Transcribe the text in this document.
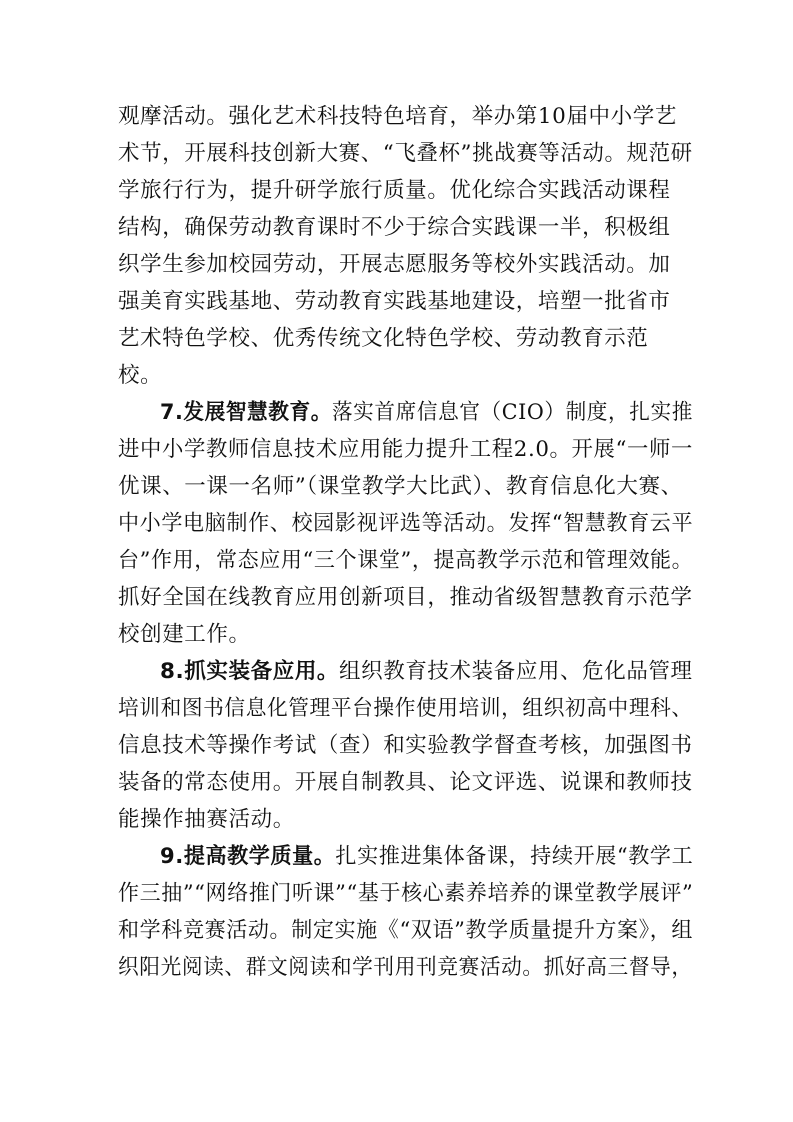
观摩活动。强化艺术科技特色培育，举办第10届中小学艺
术节，开展科技创新大赛、“飞叠杯”挑战赛等活动。规范研
学旅行行为，提升研学旅行质量。优化综合实践活动课程
结构，确保劳动教育课时不少于综合实践课一半，积极组
织学生参加校园劳动，开展志愿服务等校外实践活动。加
强美育实践基地、劳动教育实践基地建设，培塑一批省市
艺术特色学校、优秀传统文化特色学校、劳动教育示范
校。
7.发展智慧教育。落实首席信息官（CIO）制度，扎实推
进中小学教师信息技术应用能力提升工程2.0。开展“一师一
优课、一课一名师”（课堂教学大比武）、教育信息化大赛、
中小学电脑制作、校园影视评选等活动。发挥“智慧教育云平
台”作用，常态应用“三个课堂”，提高教学示范和管理效能。
抓好全国在线教育应用创新项目，推动省级智慧教育示范学
校创建工作。
8.抓实装备应用。组织教育技术装备应用、危化品管理
培训和图书信息化管理平台操作使用培训，组织初高中理科、
信息技术等操作考试（查）和实验教学督查考核，加强图书
装备的常态使用。开展自制教具、论文评选、说课和教师技
能操作抽赛活动。
9.提高教学质量。扎实推进集体备课，持续开展“教学工
作三抽”“网络推门听课”“基于核心素养培养的课堂教学展评”
和学科竞赛活动。制定实施《“双语”教学质量提升方案》，组
织阳光阅读、群文阅读和学刊用刊竞赛活动。抓好高三督导，
